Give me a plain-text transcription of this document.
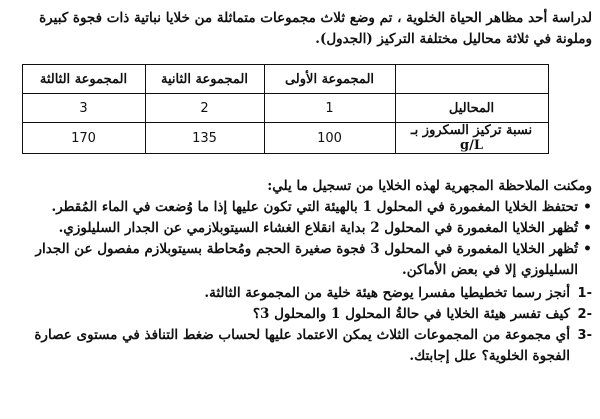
لدراسة أحد مظاهر الحياة الخلوية ، تم وضع ثلاث مجموعات متماثلة من خلايا نباتية ذات فجوة كبيرة وملونة في ثلاثة محاليل مختلفة التركيز (الجدول).

	المجموعة الأولى	المجموعة الثانية	المجموعة الثالثة
المحاليل	1	2	3
نسبة تركيز السكروز بـ g/L	100	135	170

ومكنت الملاحظة المجهرية لهذه الخلايا من تسجيل ما يلي:

•
تحتفظ الخلايا المغمورة في المحلول 1 بالهيئة التي تكون عليها إذا ما وُضعت في الماء المُقطر.
•
تُظهر الخلايا المغمورة في المحلول 2 بداية انقلاع الغشاء السيتوبلازمي عن الجدار السليلوزي.
•
تُظهر الخلايا المغمورة في المحلول 3 فجوة صغيرة الحجم ومُحاطة بسيتوبلازم مفصول عن الجدار السليلوزي إلا في بعض الأماكن.
-1
أنجز رسما تخطيطيا مفسرا يوضح هيئة خلية من المجموعة الثالثة.
-2
كيف تفسر هيئة الخلايا في حالةُ المحلول 1 والمحلول 3؟
-3
أي مجموعة من المجموعات الثلاث يمكن الاعتماد عليها لحساب ضغط التنافذ في مستوى عصارة الفجوة الخلوية؟ علل إجابتك.
